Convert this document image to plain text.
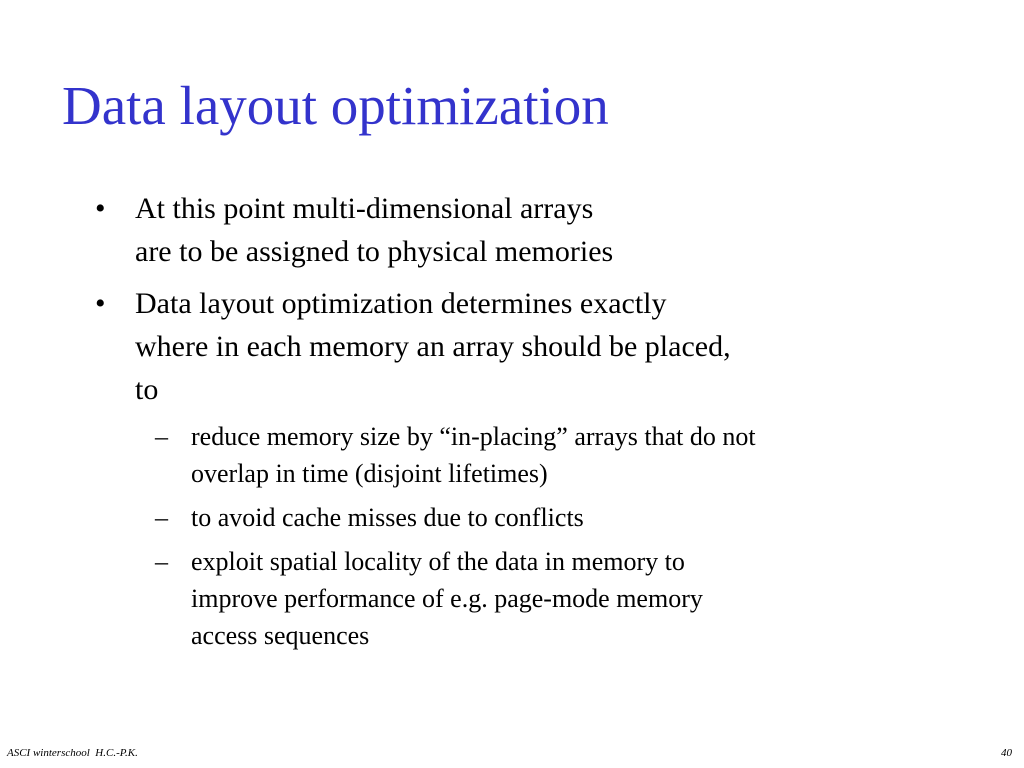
Data layout optimization
• At this point multi-dimensional arrays
are to be assigned to physical memories
• Data layout optimization determines exactly
where in each memory an array should be placed,
to
– reduce memory size by “in-placing” arrays that do not
overlap in time (disjoint lifetimes)
– to avoid cache misses due to conflicts
– exploit spatial locality of the data in memory to
improve performance of e.g. page-mode memory
access sequences
ASCI winterschool  H.C.-P.K.	40
